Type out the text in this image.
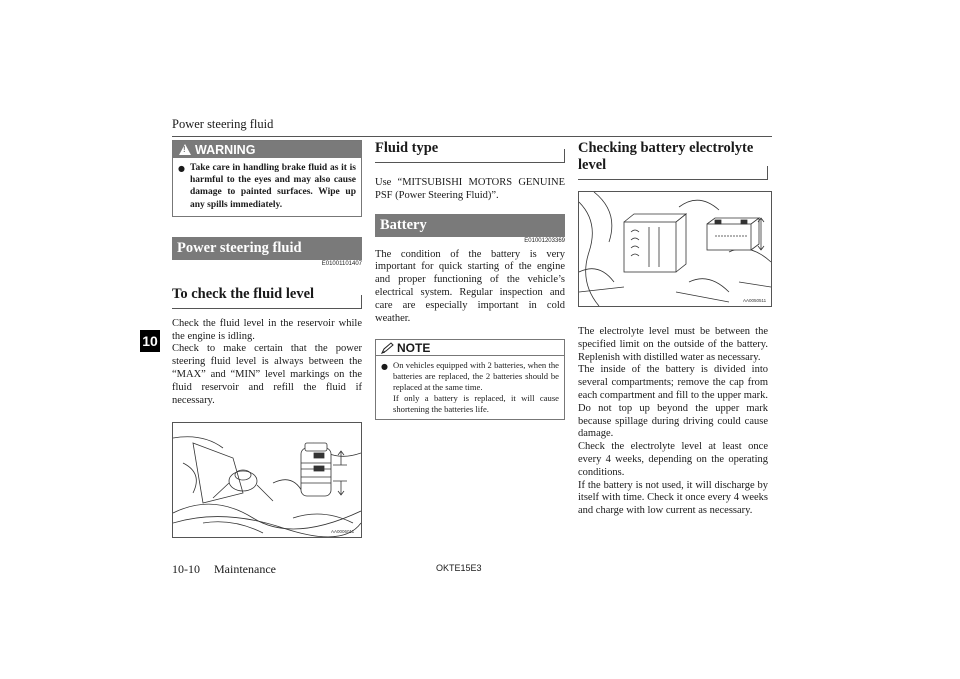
Power steering fluid
10
! WARNING
● Take care in handling brake fluid as it is harmful to the eyes and may also cause damage to painted surfaces. Wipe up any spills immediately.
Power steering fluid
E01001101407
To check the fluid level

Check the fluid level in the reservoir while the engine is idling.

Check to make certain that the power steering fluid level is always between the “MAX” and “MIN” level markings on the fluid reservoir and refill the fluid if necessary.

AA0006011
Fluid type

Use “MITSUBISHI MOTORS GENUINE PSF (Power Steering Fluid)”.

Battery
E01001203369

The condition of the battery is very important for quick starting of the engine and proper functioning of the vehicle’s electrical system. Regular inspection and care are especially important in cold weather.

NOTE
● On vehicles equipped with 2 batteries, when the batteries are replaced, the 2 batteries should be replaced at the same time.
If only a battery is replaced, it will cause shortening the batteries life.
Checking battery electrolyte level
AA0050511

The electrolyte level must be between the specified limit on the outside of the battery. Replenish with distilled water as necessary.

The inside of the battery is divided into several compartments; remove the cap from each compartment and fill to the upper mark. Do not top up beyond the upper mark because spillage during driving could cause damage.

Check the electrolyte level at least once every 4 weeks, depending on the operating conditions.

If the battery is not used, it will discharge by itself with time. Check it once every 4 weeks and charge with low current as necessary.

10-10 Maintenance	OKTE15E3
